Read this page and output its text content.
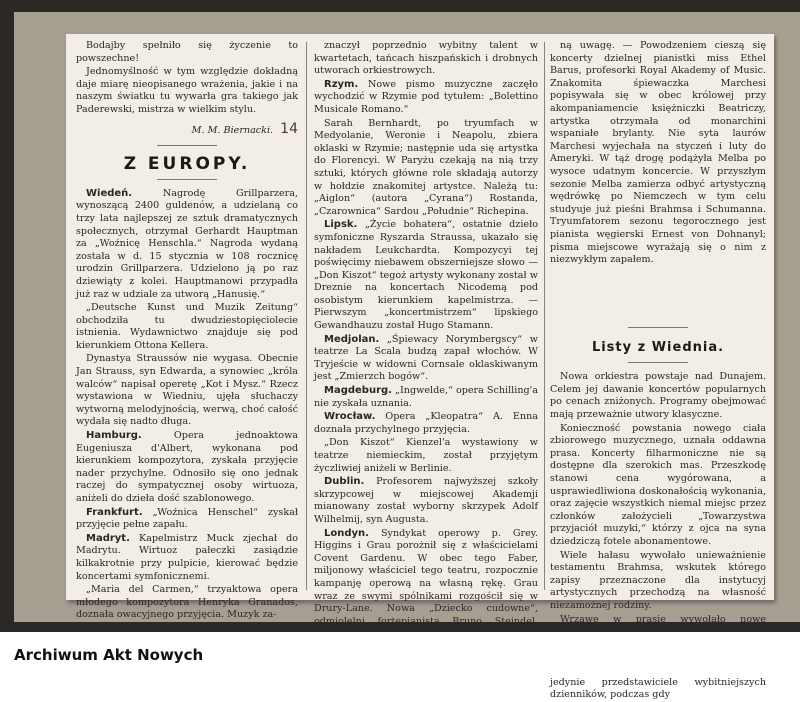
Bodajby spełniło się życzenie to powszechne!

Jednomyślność w tym względzie dokładną daje miarę nieopisanego wrażenia, jakie i na naszym światku tu wywarła gra takiego jak Paderewski, mistrza w wielkim stylu.

M. M. Biernacki. 14

Z EUROPY.

Wiedeń. Nagrodę Grillparzera, wynoszącą 2400 guldenów, a udzielaną co trzy lata najlepszej ze sztuk dramatycznych społecznych, otrzymał Gerhardt Hauptman za „Woźnicę Henschla.“ Nagroda wydaną została w d. 15 stycznia w 108 rocznicę urodzin Grillparzera. Udzielono ją po raz dziewiąty z kolei. Hauptmanowi przypadła już raz w udziale za utworą „Hanusię.“

„Deutsche Kunst und Muzik Zeitung“ obchodziła tu dwudziestopięciolecie istnienia. Wydawnictwo znajduje się pod kierunkiem Ottona Kellera.

Dynastya Straussów nie wygasa. Obecnie Jan Strauss, syn Edwarda, a synowiec „króla walców“ napisał operetę „Kot i Mysz.“ Rzecz wystawiona w Wiedniu, ujęła słuchaczy wytworną melodyjnością, werwą, choć całość wydała się nadto długa.

Hamburg. Opera jednoaktowa Eugeniusza d'Albert, wykonana pod kierunkiem kompozytora, zyskała przyjęcie nader przychylne. Odnosiło się ono jednak raczej do sympatycznej osoby wirtuoza, aniżeli do dzieła dość szablonowego.

Frankfurt. „Woźnica Henschel“ zyskał przyjęcie pełne zapału.

Madryt. Kapelmistrz Muck zjechał do Madrytu. Wirtuoz pałeczki zasiądzie kilkakrotnie przy pulpicie, kierować będzie koncertami symfonicznemi.

„Maria del Carmen,“ trzyaktowa opera młodego kompozytora Henryka Granados, doznała owacyjnego przyjęcia. Muzyk za-

znaczył poprzednio wybitny talent w kwartetach, tańcach hiszpańskich i drobnych utworach orkiestrowych.

Rzym. Nowe pismo muzyczne zaczęło wychodzić w Rzymie pod tytułem: „Bolettino Musicale Romano.“

Sarah Bernhardt, po tryumfach w Medyolanie, Weronie i Neapolu, zbiera oklaski w Rzymie; następnie uda się artystka do Florencyi. W Paryżu czekają na nią trzy sztuki, których główne role składają autorzy w hołdzie znakomitej artystce. Należą tu: „Aiglon“ (autora „Cyrana“) Rostanda, „Czarownica“ Sardou „Południe“ Richepina.

Lipsk. „Życie bohatera“, ostatnie dzieło symfoniczne Ryszarda Straussa, ukazało się nakładem Leukchardta. Kompozycyi tej poświęcimy niebawem obszerniejsze słowo — „Don Kiszot“ tegoż artysty wykonany został w Dreznie na koncertach Nicodemą pod osobistym kierunkiem kapelmistrza. — Pierwszym „koncertmistrzem“ lipskiego Gewandhauzu został Hugo Stamann.

Medjolan. „Śpiewacy Norymbergscy“ w teatrze La Scala budzą zapał włochów. W Tryjeście w widowni Cornsale oklaskiwanym jest „Zmierzch bogów“.

Magdeburg. „Ingwelde,“ opera Schilling'a nie zyskała uznania.

Wrocław. Opera „Kleopatra“ A. Enna doznała przychylnego przyjęcia.

„Don Kiszot“ Kienzel'a wystawiony w teatrze niemieckim, został przyjętym życzliwiej aniżeli w Berlinie.

Dublin. Profesorem najwyższej szkoły skrzypcowej w miejscowej Akademji mianowany został wyborny skrzypek Adolf Wilhelmij, syn Augusta.

Londyn. Syndykat operowy p. Grey. Higgins i Grau porożnił się z właścicielami Covent Gardenu. W obec tego Faber, miljonowy właściciel tego teatru, rozpocznie kampanję operową na własną rękę. Grau wraz ze swymi spólnikami rozgościł się w Drury-Lane. Nowa „Dziecko cudowne“, odmiolelni fortepianista Bruno Steindel,

ną uwagę. — Powodzeniem cieszą się koncerty dzielnej pianistki miss Ethel Barus, profesorki Royal Akademy of Music. Znakomita śpiewaczka Marchesi popisywała się w obec królowej przy akompaniamencie księżniczki Beatriczy, artystka otrzymała od monarchini wspaniałe brylanty. Nie syta laurów Marchesi wyjechała na styczeń i luty do Ameryki. W tąż drogę podążyła Melba po wysoce udatnym koncercie. W przyszłym sezonie Melba zamierza odbyć artystyczną wędrówkę po Niemczech w tym celu studyuje już pieśni Brahmsa i Schumanna. Tryumfatorem sezonu tegorocznego jest pianista węgierski Ernest von Dohnanyl; pisma miejscowe wyrażają się o nim z niezwykłym zapałem.

Listy z Wiednia.

Nowa orkiestra powstaje nad Dunajem. Celem jej dawanie koncertów popularnych po cenach zniżonych. Programy obejmować mają przeważnie utwory klasyczne.

Konieczność powstania nowego ciała zbiorowego muzycznego, uznała oddawna prasa. Koncerty filharmoniczne nie są dostępne dla szerokich mas. Przeszkodę stanowi cena wygórowana, a usprawiedliwiona doskonałością wykonania, oraz zajęcie wszystkich niemal miejsc przez członków założycieli „Towarzystwa przyjaciół muzyki,“ którzy z ojca na syna dziedziczą fotele abonamentowe.

Wiele hałasu wywołało unieważnienie testamentu Brahmsa, wskutek którego zapisy przeznaczone dla instytucyj artystycznych przechodzą na własność niezamożnej rodziny.

Wrzawę w prasie wywołało nowe jedynie przedstawiciele wybitniejszych dzienników, podczas gdy

Archiwum Akt Nowych
